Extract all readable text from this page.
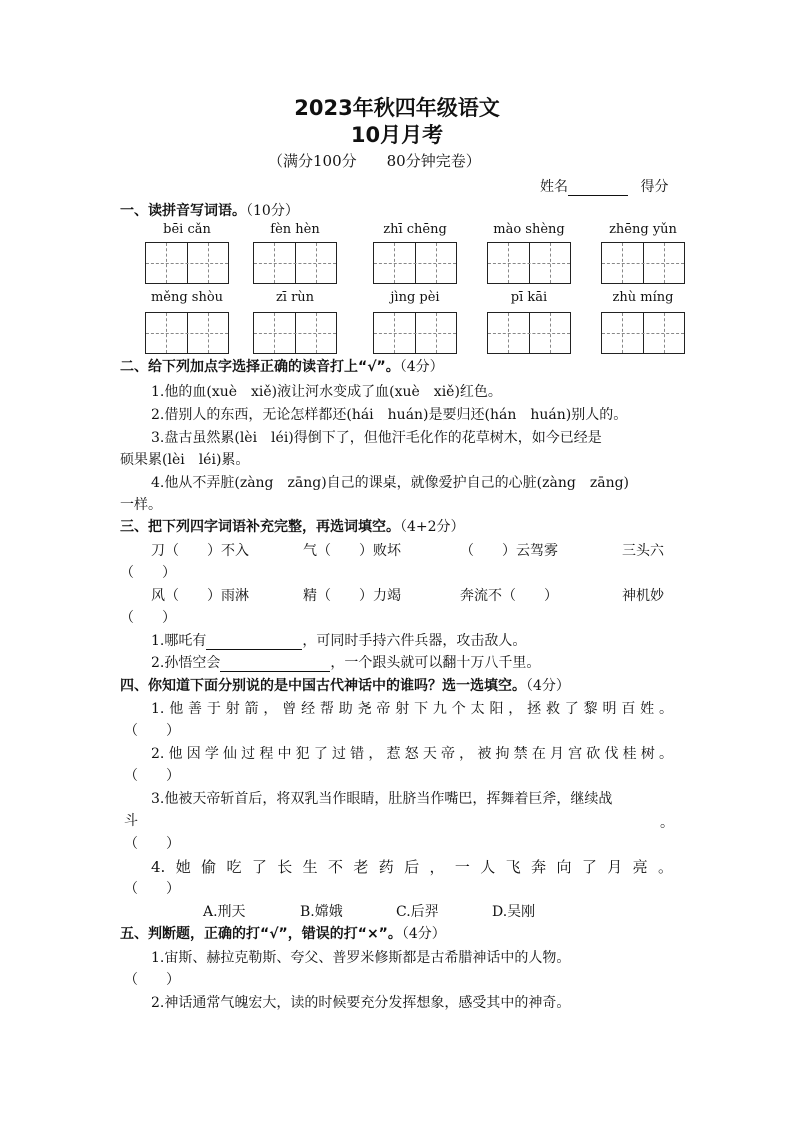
2023年秋四年级语文
10月月考
（满分100分　　80分钟完卷）
姓名	得分
一、读拼音写词语。（10分）
bēi cǎn	fèn hèn	zhī chēng	mào shèng	zhēng yǔn
měng shòu	zī rùn	jìng pèi	pī kāi	zhù míng
二、给下列加点字选择正确的读音打上“√”。（4分）
1.他的血(xuè　xiě)液让河水变成了血(xuè　xiě)红色。
2.借别人的东西，无论怎样都还(hái　huán)是要归还(hán　huán)别人的。
3.盘古虽然累(lèi　léi)得倒下了，但他汗毛化作的花草树木，如今已经是
硕果累(lèi　léi)累。
4.他从不弄脏(zàng　zāng)自己的课桌，就像爱护自己的心脏(zàng　zāng)
一样。
三、把下列四字词语补充完整，再选词填空。（4+2分）
刀（　　）不入	气（　　）败坏	（　　）云驾雾	三头六
（　　）
风（　　）雨淋	精（　　）力竭	奔流不（　　）	神机妙
（　　）
1.哪吒有	，可同时手持六件兵器，攻击敌人。
2.孙悟空会	，一个跟头就可以翻十万八千里。
四、你知道下面分别说的是中国古代神话中的谁吗？选一选填空。（4分）
1.他善于射箭，曾经帮助尧帝射下九个太阳，拯救了黎明百姓。
（　　）
2.他因学仙过程中犯了过错，惹怒天帝，被拘禁在月宫砍伐桂树。
（　　）
3.他被天帝斩首后，将双乳当作眼睛，肚脐当作嘴巴，挥舞着巨斧，继续战
斗	。
（　　）
4.她偷吃了长生不老药后，一人飞奔向了月亮。
（　　）
A.刑天	B.嫦娥	C.后羿	D.吴刚
五、判断题，正确的打“√”，错误的打“×”。（4分）
1.宙斯、赫拉克勒斯、夸父、普罗米修斯都是古希腊神话中的人物。
（　　）
2.神话通常气魄宏大，读的时候要充分发挥想象，感受其中的神奇。
